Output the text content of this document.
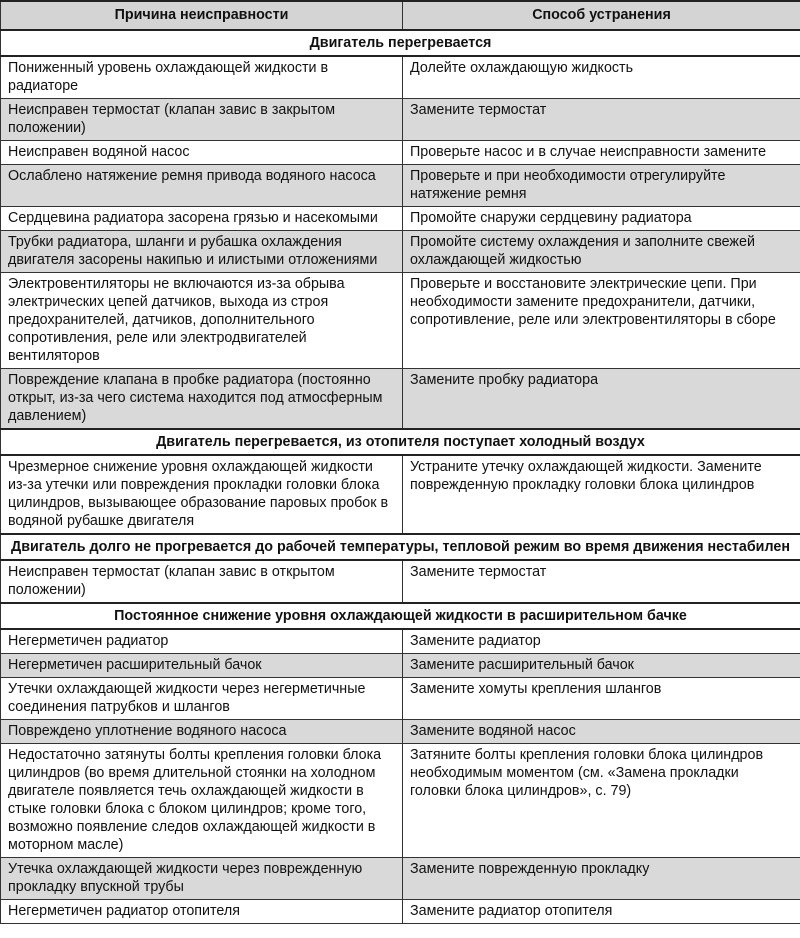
Причина неисправности	Способ устранения
Двигатель перегревается	
Пониженный уровень охлаждающей жидкости в радиаторе	Долейте охлаждающую жидкость
Неисправен термостат (клапан завис в закрытом положении)	Замените термостат
Неисправен водяной насос	Проверьте насос и в случае неисправности замените
Ослаблено натяжение ремня привода водяного насоса	Проверьте и при необходимости отрегулируйте натяжение ремня
Сердцевина радиатора засорена грязью и насекомыми	Промойте снаружи сердцевину радиатора
Трубки радиатора, шланги и рубашка охлаждения двигателя засорены накипью и илистыми отложениями	Промойте систему охлаждения и заполните свежей охлаждающей жидкостью
Электровентиляторы не включаются из-за обрыва электрических цепей датчиков, выхода из строя предохранителей, датчиков, дополнительного сопротивления, реле или электродвигателей вентиляторов	Проверьте и восстановите электрические цепи. При необходимости замените предохранители, датчики, сопротивление, реле или электровентиляторы в сборе
Повреждение клапана в пробке радиатора (постоянно открыт, из-за чего система находится под атмосферным давлением)	Замените пробку радиатора
Двигатель перегревается, из отопителя поступает холодный воздух	
Чрезмерное снижение уровня охлаждающей жидкости из-за утечки или повреждения прокладки головки блока цилиндров, вызывающее образование паровых пробок в водяной рубашке двигателя	Устраните утечку охлаждающей жидкости. Замените поврежденную прокладку головки блока цилиндров
Двигатель долго не прогревается до рабочей температуры, тепловой режим во время движения нестабилен	
Неисправен термостат (клапан завис в открытом положении)	Замените термостат
Постоянное снижение уровня охлаждающей жидкости в расширительном бачке	
Негерметичен радиатор	Замените радиатор
Негерметичен расширительный бачок	Замените расширительный бачок
Утечки охлаждающей жидкости через негерметичные соединения патрубков и шлангов	Замените хомуты крепления шлангов
Повреждено уплотнение водяного насоса	Замените водяной насос
Недостаточно затянуты болты крепления головки блока цилиндров (во время длительной стоянки на холодном двигателе появляется течь охлаждающей жидкости в стыке головки блока с блоком цилиндров; кроме того, возможно появление следов охлаждающей жидкости в моторном масле)	Затяните болты крепления головки блока цилиндров необходимым моментом (см. «Замена прокладки головки блока цилиндров», с. 79)
Утечка охлаждающей жидкости через поврежденную прокладку впускной трубы	Замените поврежденную прокладку
Негерметичен радиатор отопителя	Замените радиатор отопителя
